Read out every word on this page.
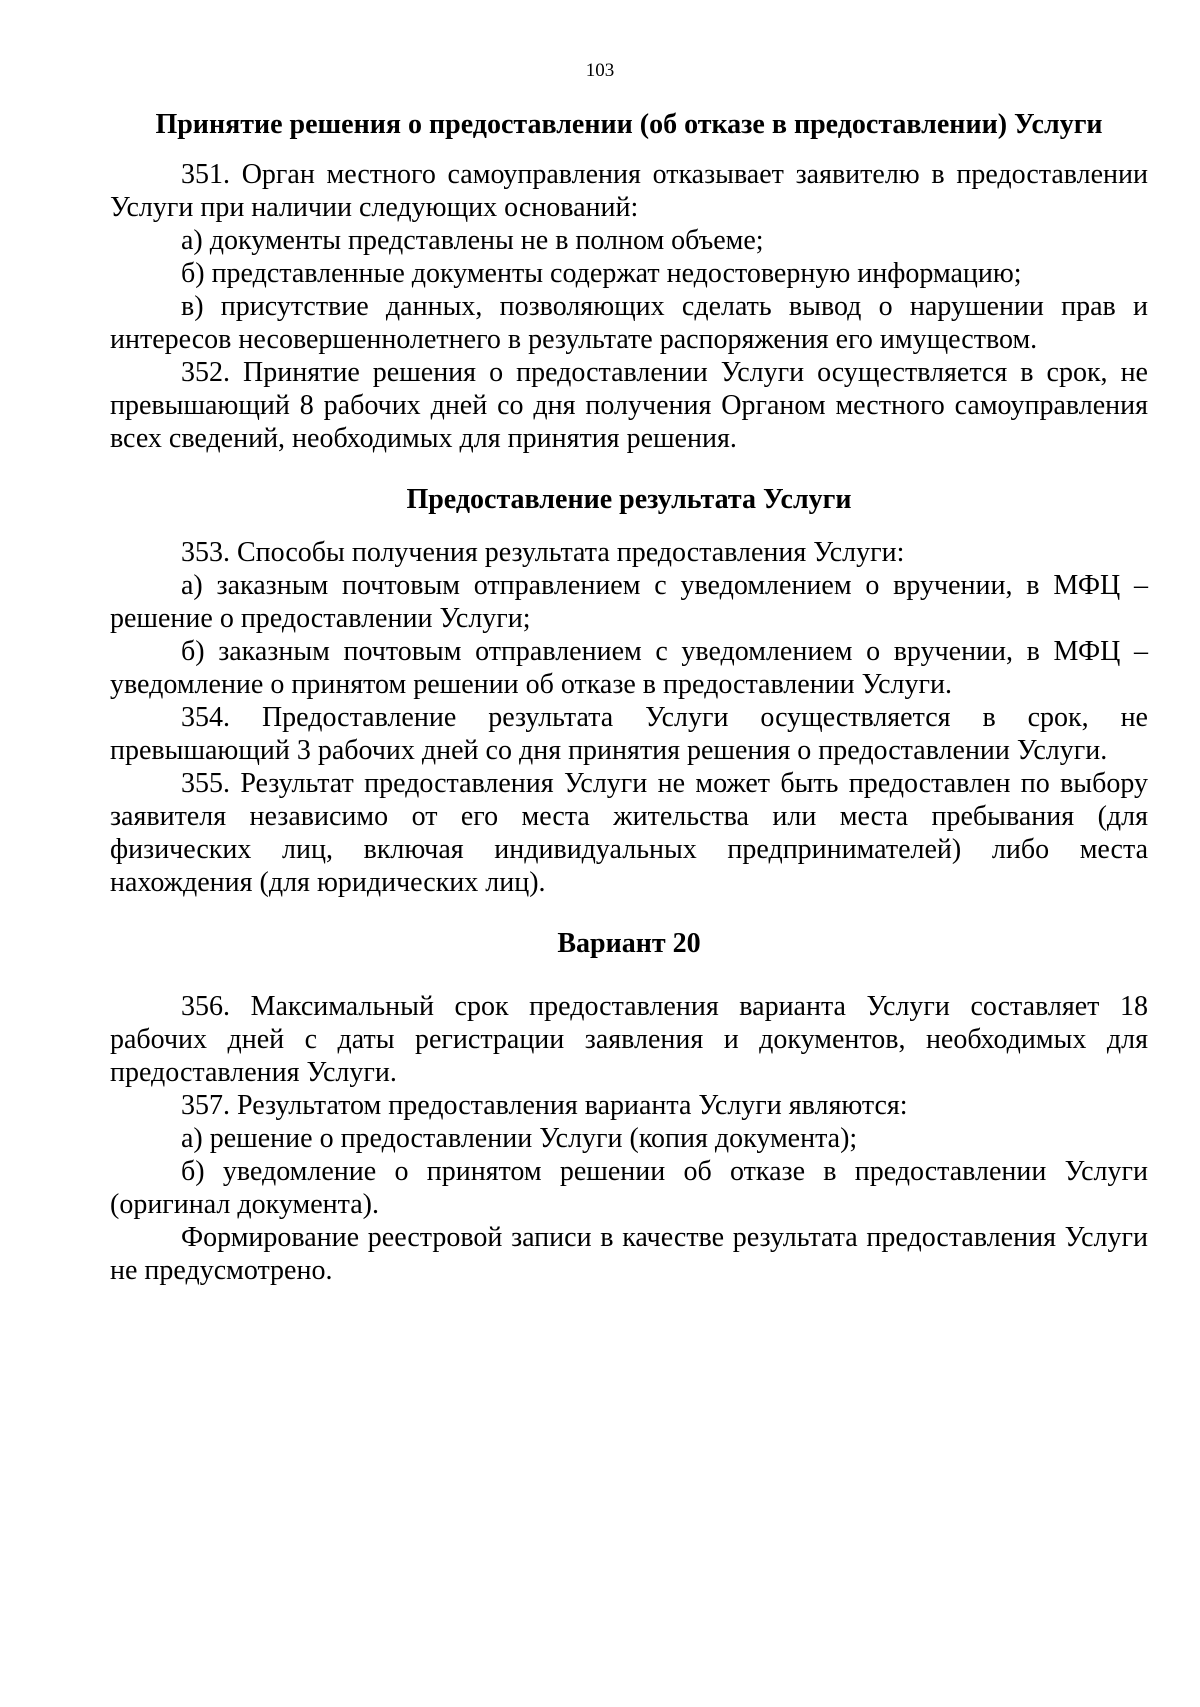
103
Принятие решения о предоставлении (об отказе в предоставлении) Услуги

351. Орган местного самоуправления отказывает заявителю в предоставлении Услуги при наличии следующих оснований:

а) документы представлены не в полном объеме;

б) представленные документы содержат недостоверную информацию;

в) присутствие данных, позволяющих сделать вывод о нарушении прав и интересов несовершеннолетнего в результате распоряжения его имуществом.

352. Принятие решения о предоставлении Услуги осуществляется в срок, не превышающий 8 рабочих дней со дня получения Органом местного самоуправления всех сведений, необходимых для принятия решения.

Предоставление результата Услуги

353. Способы получения результата предоставления Услуги:

а) заказным почтовым отправлением с уведомлением о вручении, в МФЦ – решение о предоставлении Услуги;

б) заказным почтовым отправлением с уведомлением о вручении, в МФЦ – уведомление о принятом решении об отказе в предоставлении Услуги.

354. Предоставление результата Услуги осуществляется в срок, не превышающий 3 рабочих дней со дня принятия решения о предоставлении Услуги.

355. Результат предоставления Услуги не может быть предоставлен по выбору заявителя независимо от его места жительства или места пребывания (для физических лиц, включая индивидуальных предпринимателей) либо места нахождения (для юридических лиц).

Вариант 20

356. Максимальный срок предоставления варианта Услуги составляет 18 рабочих дней с даты регистрации заявления и документов, необходимых для предоставления Услуги.

357. Результатом предоставления варианта Услуги являются:

а) решение о предоставлении Услуги (копия документа);

б) уведомление о принятом решении об отказе в предоставлении Услуги (оригинал документа).

Формирование реестровой записи в качестве результата предоставления Услуги не предусмотрено.
